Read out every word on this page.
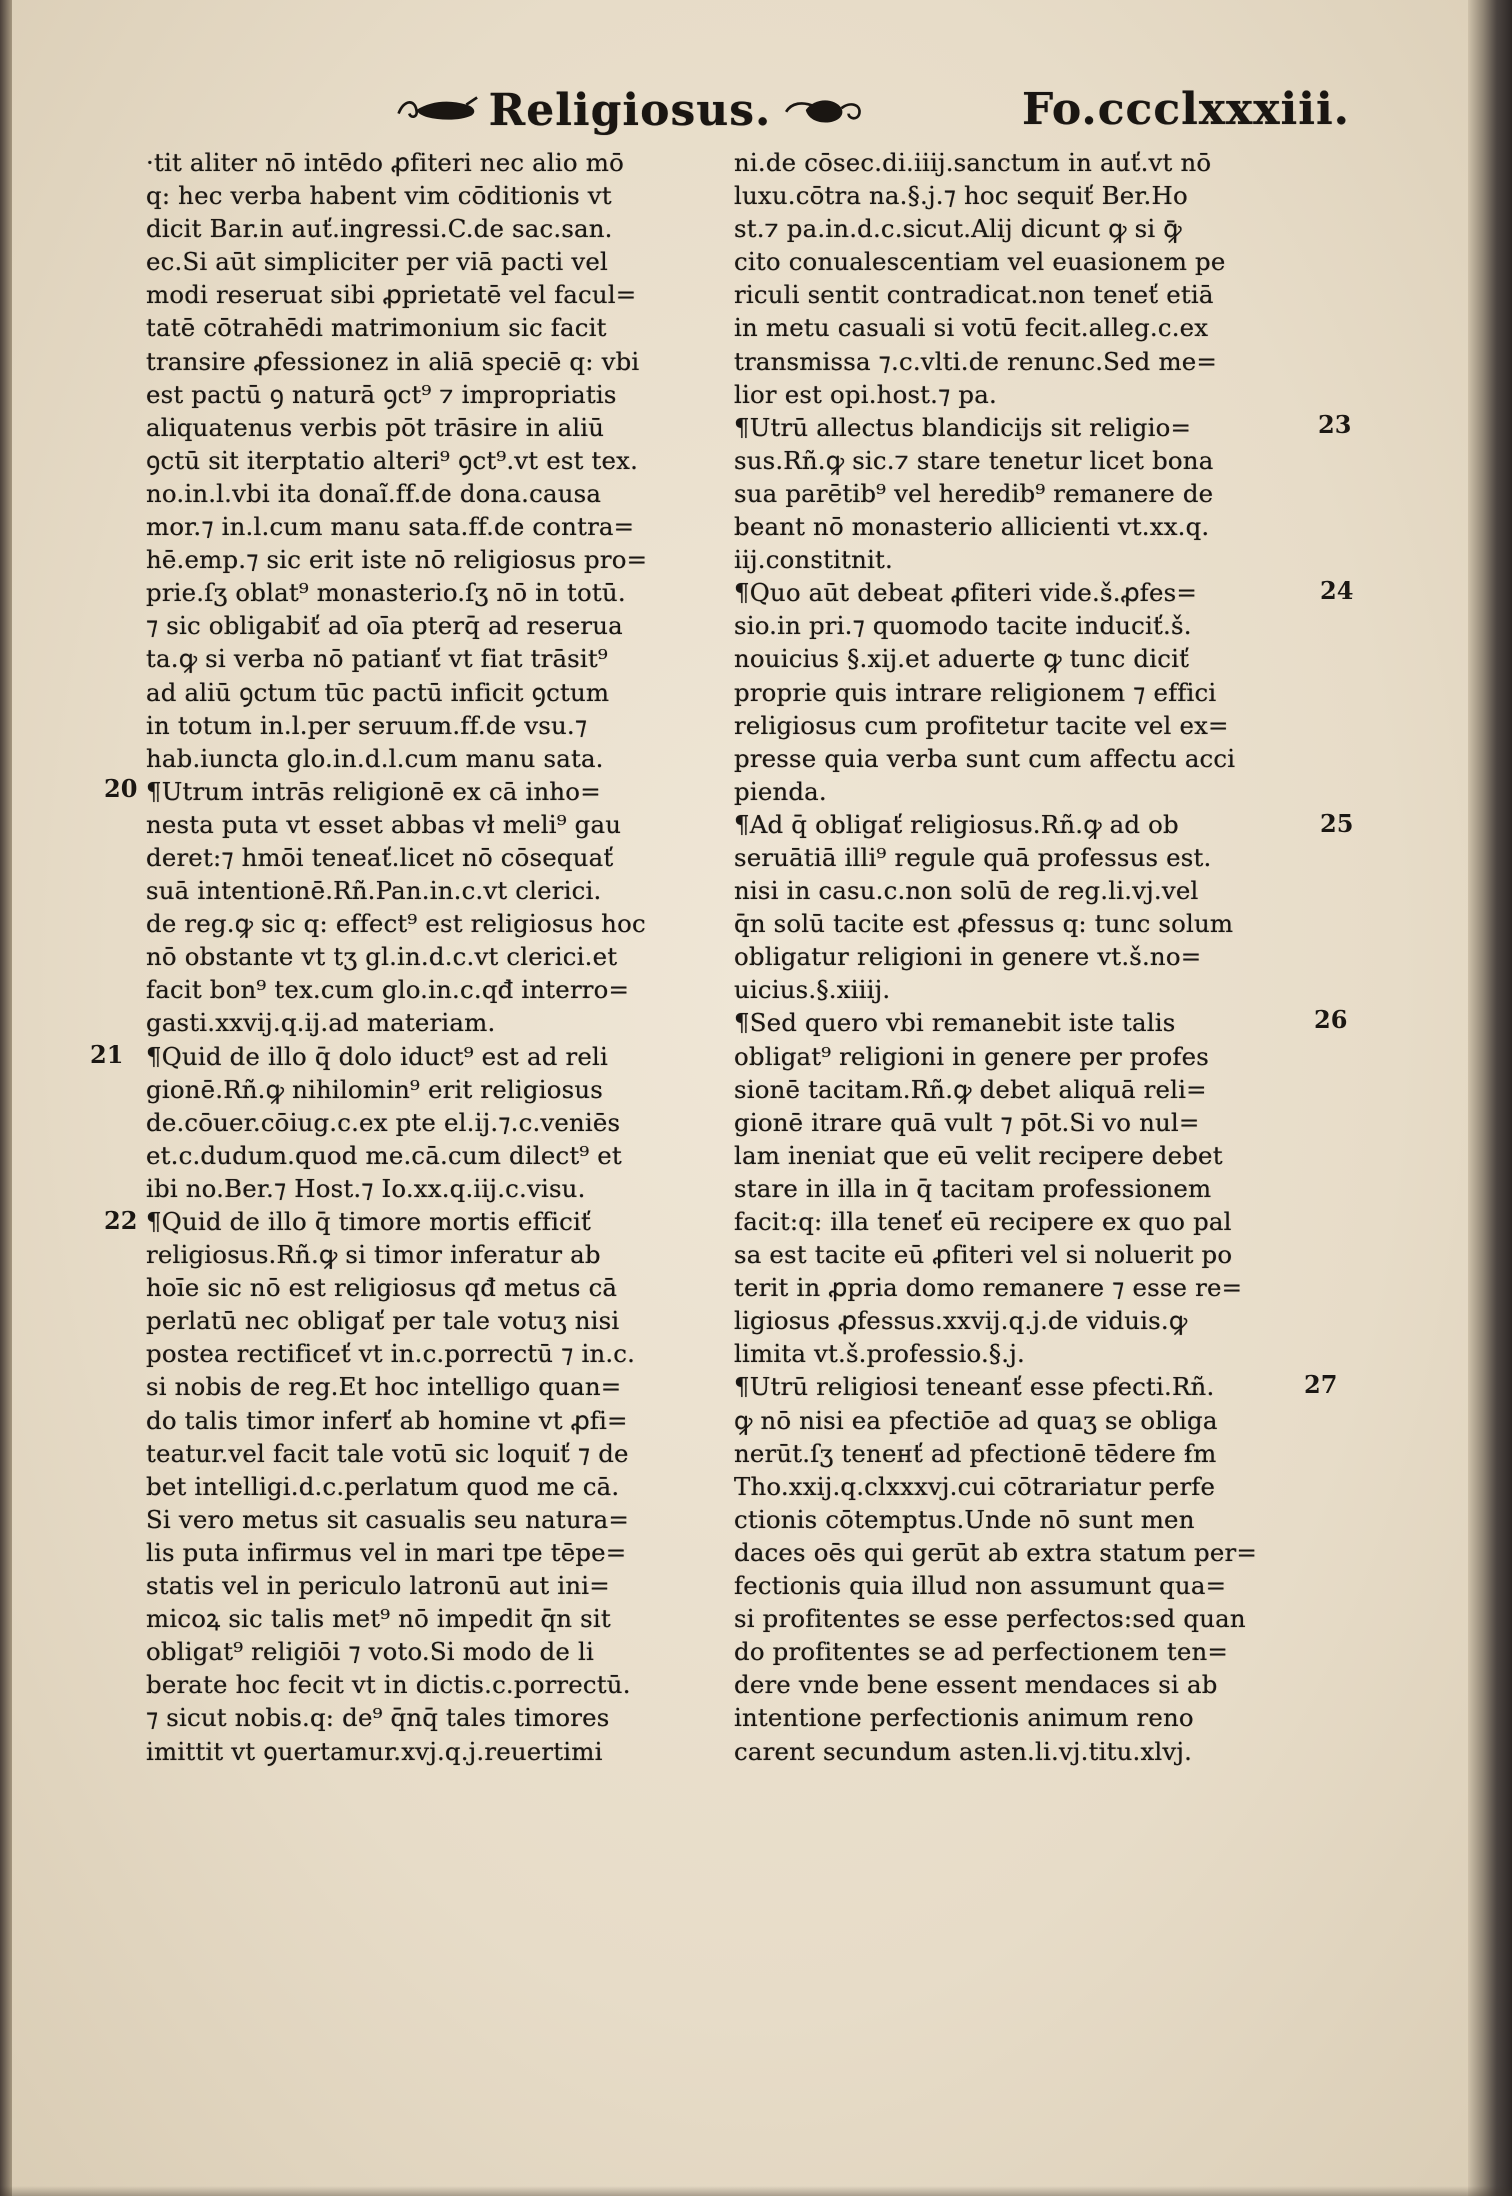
Religiosus.	Fo.ccclxxxiii.
·tit aliter nō intēdo ꝓfiteri nec alio mō
q: hec verba habent vim cōditionis vt
dicit Bar.in auť.ingressi.C.de sac.san.
ec.Si aūt simpliciter per viā pacti vel
modi reseruat sibi ꝓprietatē vel facul=
tatē cōtrahēdi matrimonium sic facit
transire ꝓfessionez in aliā speciē q: vbi
est pactū ꝯ naturā ꝯct⁹ ⁊ impropriatis
aliquatenus verbis pōt trāsire in aliū
ꝯctū sit iterptatio alteri⁹ ꝯct⁹.vt est tex.
no.in.l.vbi ita donaĩ.ff.de dona.causa
mor.⁊ in.l.cum manu sata.ff.de contra=
hē.emp.⁊ sic erit iste nō religiosus pro=
prie.ſʒ oblat⁹ monasterio.ſʒ nō in totū.
⁊ sic obligabiť ad oīa pterq̄ ad reserua
ta.ꝙ si verba nō patianť vt fiat trāsit⁹
ad aliū ꝯctum tūc pactū inficit ꝯctum
in totum in.l.per seruum.ff.de vsu.⁊
hab.iuncta glo.in.d.l.cum manu sata.
¶Utrum intrās religionē ex cā inho=
nesta puta vt esset abbas vł meli⁹ gau
deret:⁊ hmōi teneať.licet nō cōsequať
suā intentionē.Rñ.Pan.in.c.vt clerici.
de reg.ꝙ sic q: effect⁹ est religiosus hoc
nō obstante vt tʒ gl.in.d.c.vt clerici.et
facit bon⁹ tex.cum glo.in.c.qđ interro=
gasti.xxvij.q.ij.ad materiam.
¶Quid de illo q̄ dolo iduct⁹ est ad reli
gionē.Rñ.ꝙ nihilomin⁹ erit religiosus
de.cōuer.cōiug.c.ex pte el.ij.⁊.c.veniēs
et.c.dudum.quod me.cā.cum dilect⁹ et
ibi no.Ber.⁊ Host.⁊ Io.xx.q.iij.c.visu.
¶Quid de illo q̄ timore mortis efficiť
religiosus.Rñ.ꝙ si timor inferatur ab
hoīe sic nō est religiosus qđ metus cā
perlatū nec obligať per tale votuʒ nisi
postea rectificeť vt in.c.porrectū ⁊ in.c.
si nobis de reg.Et hoc intelligo quan=
do talis timor inferť ab homine vt ꝓfi=
teatur.vel facit tale votū sic loquiť ⁊ de
bet intelligi.d.c.perlatum quod me cā.
Si vero metus sit casualis seu natura=
lis puta infirmus vel in mari tpe tēpe=
statis vel in periculo latronū aut ini=
micoꝝ sic talis met⁹ nō impedit q̄n sit
obligat⁹ religiōi ⁊ voto.Si modo de li
berate hoc fecit vt in dictis.c.porrectū.
⁊ sicut nobis.q: de⁹ q̄nq̄ tales timores
imittit vt ꝯuertamur.xvj.q.j.reuertimi
ni.de cōsec.di.iiij.sanctum in auť.vt nō
luxu.cōtra na.§.j.⁊ hoc sequiť Ber.Ho
st.⁊ pa.in.d.c.sicut.Alij dicunt ꝙ si ꝙ̄
cito conualescentiam vel euasionem pe
riculi sentit contradicat.non teneť etiā
in metu casuali si votū fecit.alleg.c.ex
transmissa ⁊.c.vlti.de renunc.Sed me=
lior est opi.host.⁊ pa.
¶Utrū allectus blandicijs sit religio=
sus.Rñ.ꝙ sic.⁊ stare tenetur licet bona
sua parētib⁹ vel heredib⁹ remanere de
beant nō monasterio allicienti vt.xx.q.
iij.constitnit.
¶Quo aūt debeat ꝓfiteri vide.š.ꝓfes=
sio.in pri.⁊ quomodo tacite induciť.š.
nouicius §.xij.et aduerte ꝙ tunc diciť
proprie quis intrare religionem ⁊ effici
religiosus cum profitetur tacite vel ex=
presse quia verba sunt cum affectu acci
pienda.
¶Ad q̄ obligať religiosus.Rñ.ꝙ ad ob
seruātiā illi⁹ regule quā professus est.
nisi in casu.c.non solū de reg.li.vj.vel
q̄n solū tacite est ꝓfessus q: tunc solum
obligatur religioni in genere vt.š.no=
uicius.§.xiiij.
¶Sed quero vbi remanebit iste talis
obligat⁹ religioni in genere per profes
sionē tacitam.Rñ.ꝙ debet aliquā reli=
gionē itrare quā vult ⁊ pōt.Si vo nul=
lam ineniat que eū velit recipere debet
stare in illa in q̄ tacitam professionem
facit:q: illa teneť eū recipere ex quo pal
sa est tacite eū ꝓfiteri vel si noluerit po
terit in ꝓpria domo remanere ⁊ esse re=
ligiosus ꝓfessus.xxvij.q.j.de viduis.ꝙ
limita vt.š.professio.§.j.
¶Utrū religiosi teneanť esse pfecti.Rñ.
ꝙ nō nisi ea pfectiōe ad quaʒ se obliga
nerūt.ſʒ teneнť ad pfectionē tēdere ẜm
Tho.xxij.q.clxxxvj.cui cōtrariatur perfe
ctionis cōtemptus.Unde nō sunt men
daces oēs qui gerūt ab extra statum per=
fectionis quia illud non assumunt qua=
si profitentes se esse perfectos:sed quan
do profitentes se ad perfectionem ten=
dere vnde bene essent mendaces si ab
intentione perfectionis animum reno
carent secundum asten.li.vj.titu.xlvj.
20
21
22
23
24
25
26
27
